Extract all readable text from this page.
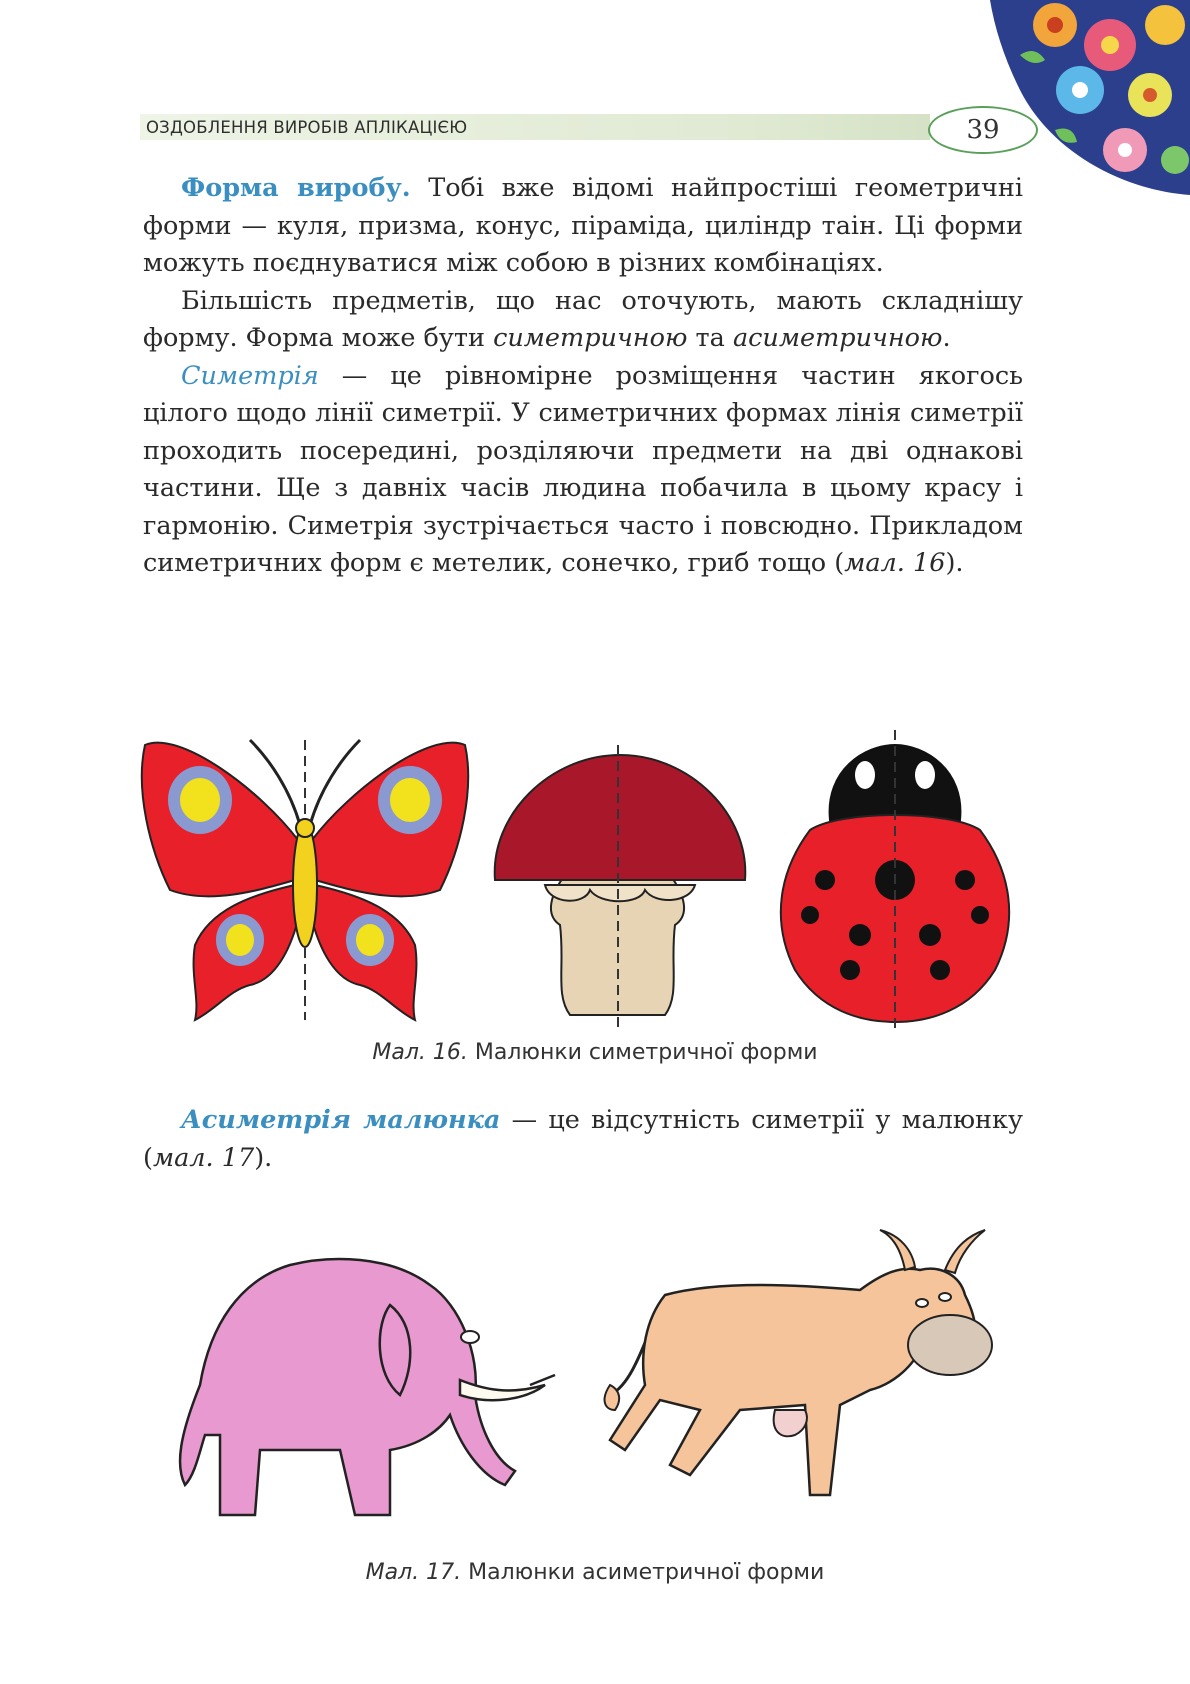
ОЗДОБЛЕННЯ ВИРОБІВ АПЛІКАЦІЄЮ	39

Форма виробу. Тобі вже відомі найпростіші геометричні форми — куля, призма, конус, піраміда, циліндр таін. Ці форми можуть поєднуватися між собою в різних комбінаціях.

Більшість предметів, що нас оточують, мають складнішу форму. Форма може бути симетричною та асиметричною.

Симетрія — це рівномірне розміщення частин якогось цілого щодо лінії симетрії. У симетричних формах лінія симетрії проходить посередині, розділяючи предмети на дві однакові частини. Ще з давніх часів людина побачила в цьому красу і гармонію. Симетрія зустрічається часто і повсюдно. Прикладом симетричних форм є метелик, сонечко, гриб тощо (мал. 16).

Мал. 16. Малюнки симетричної форми

Асиметрія малюнка — це відсутність симетрії у малюнку (мал. 17).

Мал. 17. Малюнки асиметричної форми
